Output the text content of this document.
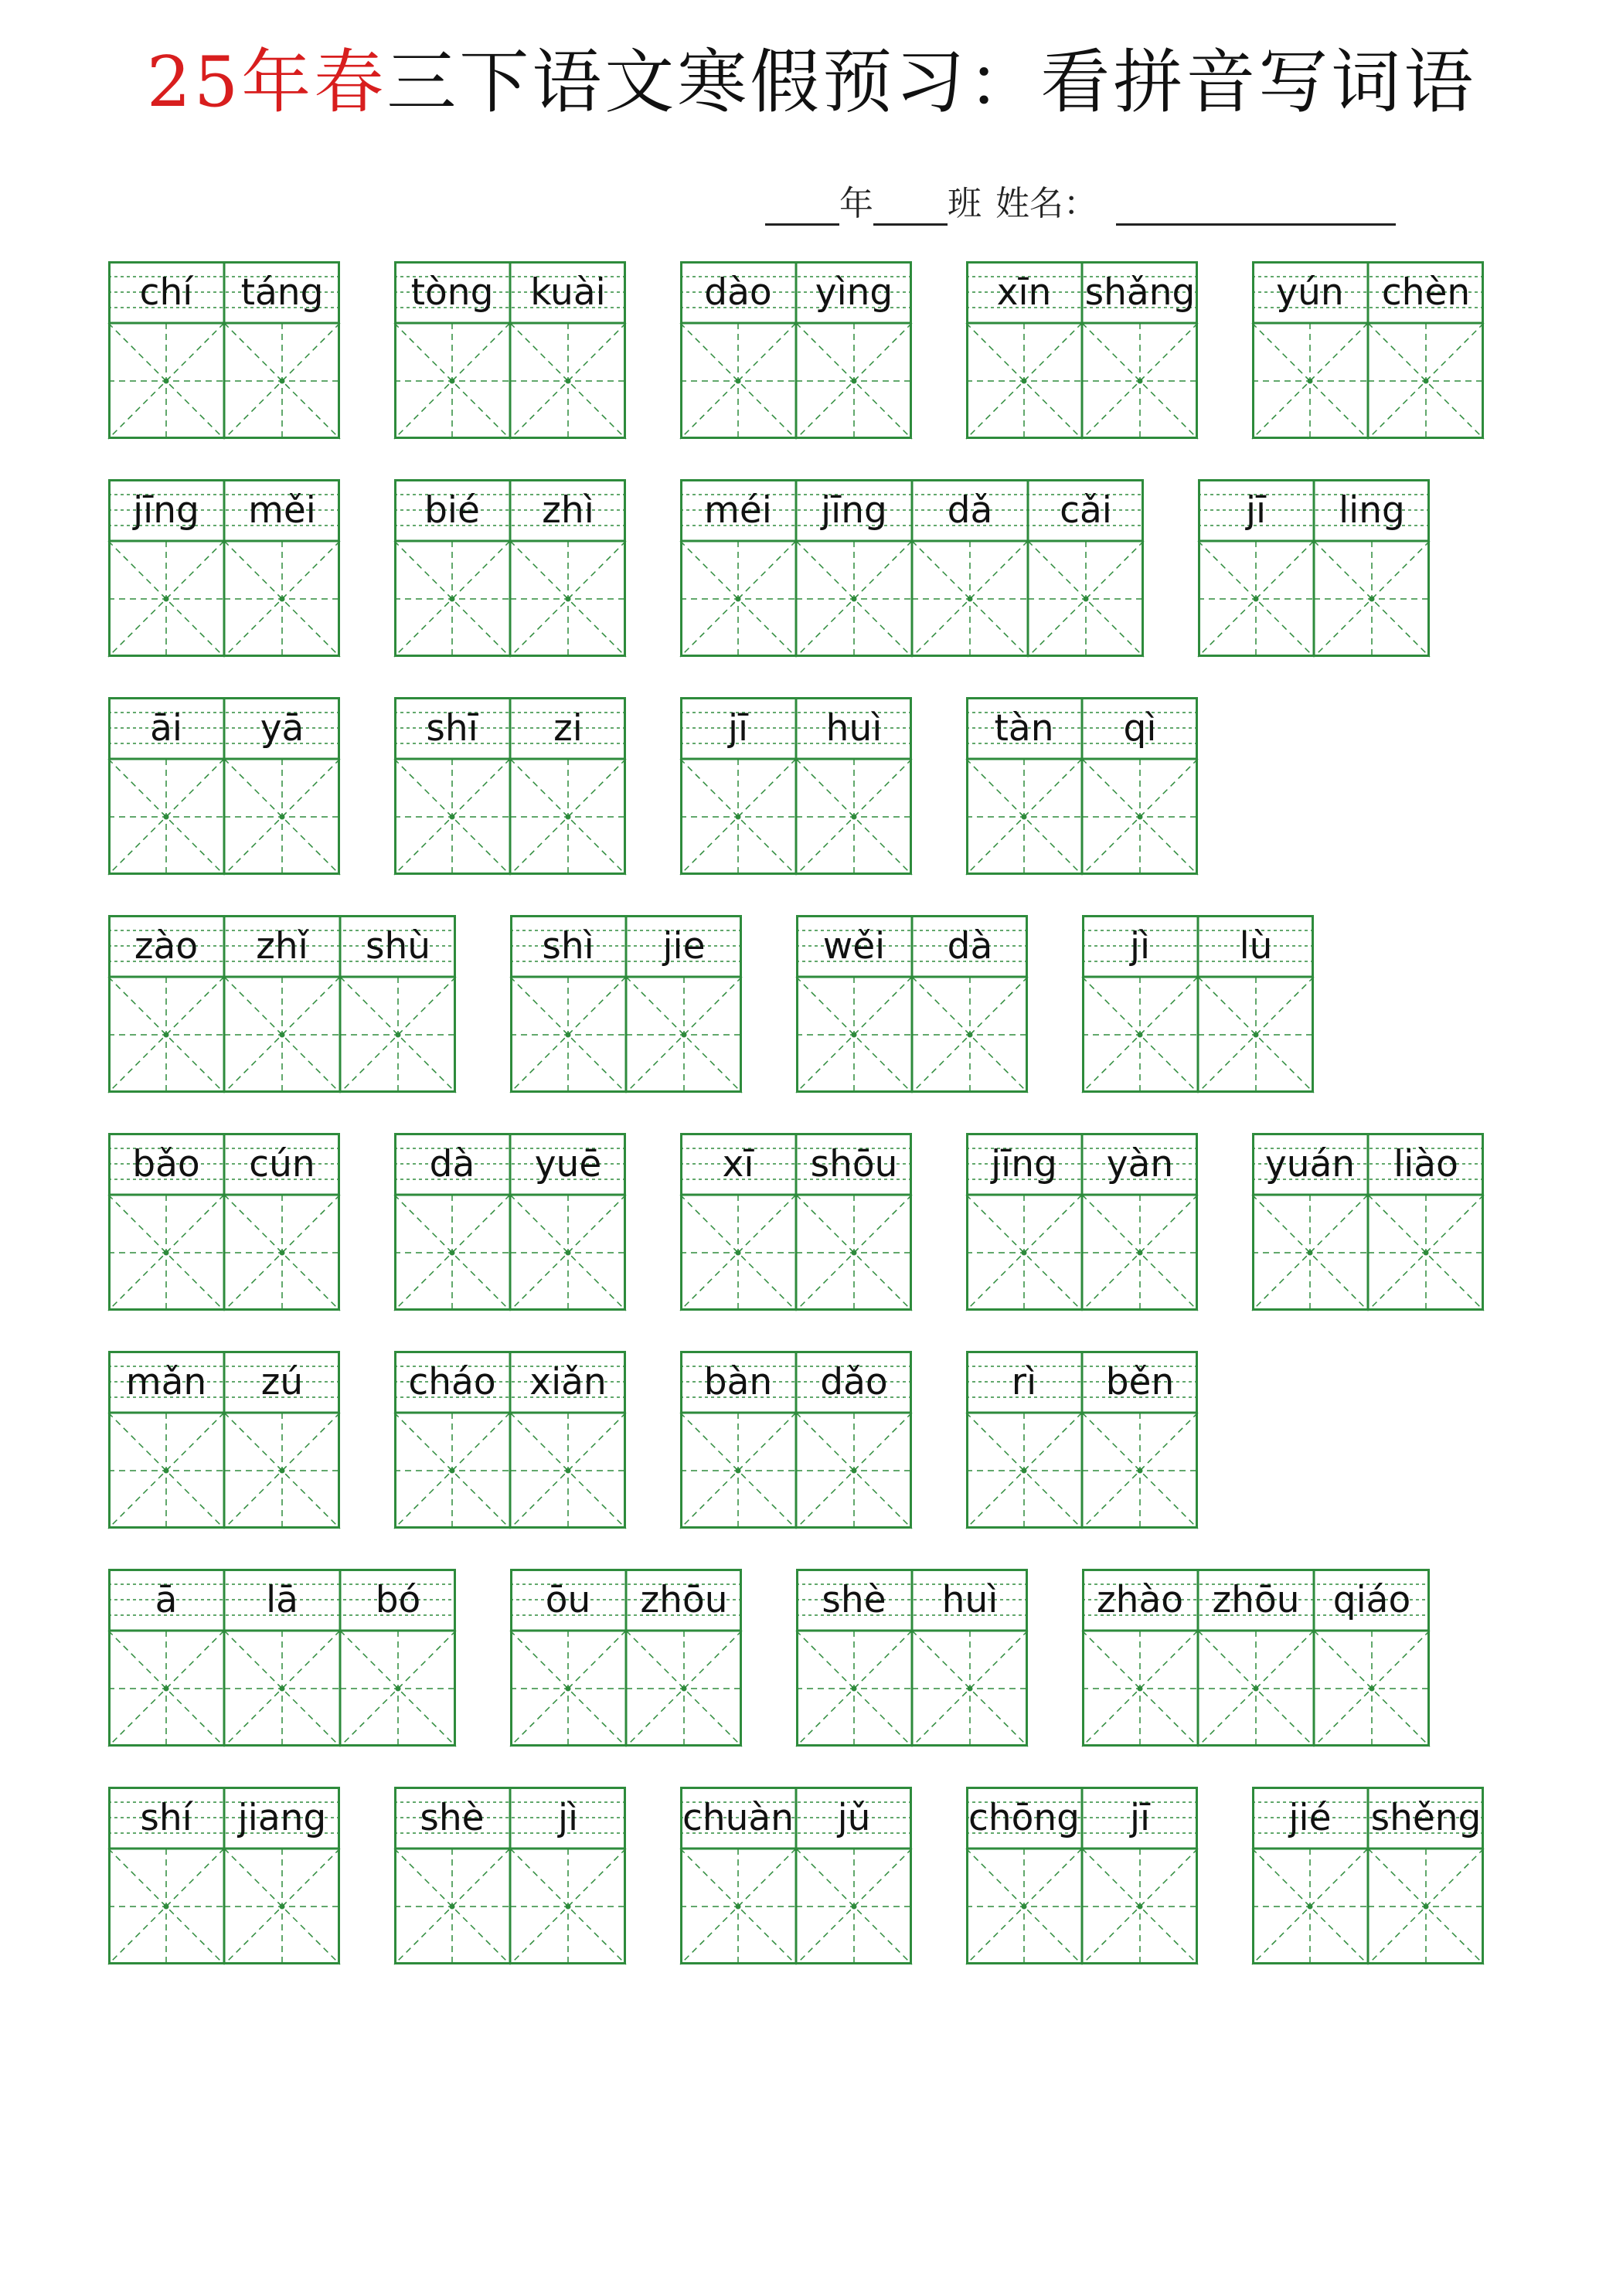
25年春三下语文寒假预习：看拼音写词语
年 班 姓名：
chí	táng	tòng	kuài	dào	yìng	xīn shǎng	yún	chèn
jīng	měi	bié	zhì	méi	jīng	dǎ	cǎi	jī	ling
āi	yā	shī	zi	jī	huì	tàn	qì
zào	zhǐ	shù	shì	jie	wěi	dà	jì	lù
bǎo	cún	dà	yuē	xī	shōu	jīng	yàn	yuán	liào
mǎn	zú	cháo xiǎn	bàn	dǎo	rì	běn
ā	lā	bó	ōu	zhōu	shè	huì	zhào zhōu qiáo
shí	jiang	shè	jì	chuàn	jǔ	chōng	jī	jié	shěng
